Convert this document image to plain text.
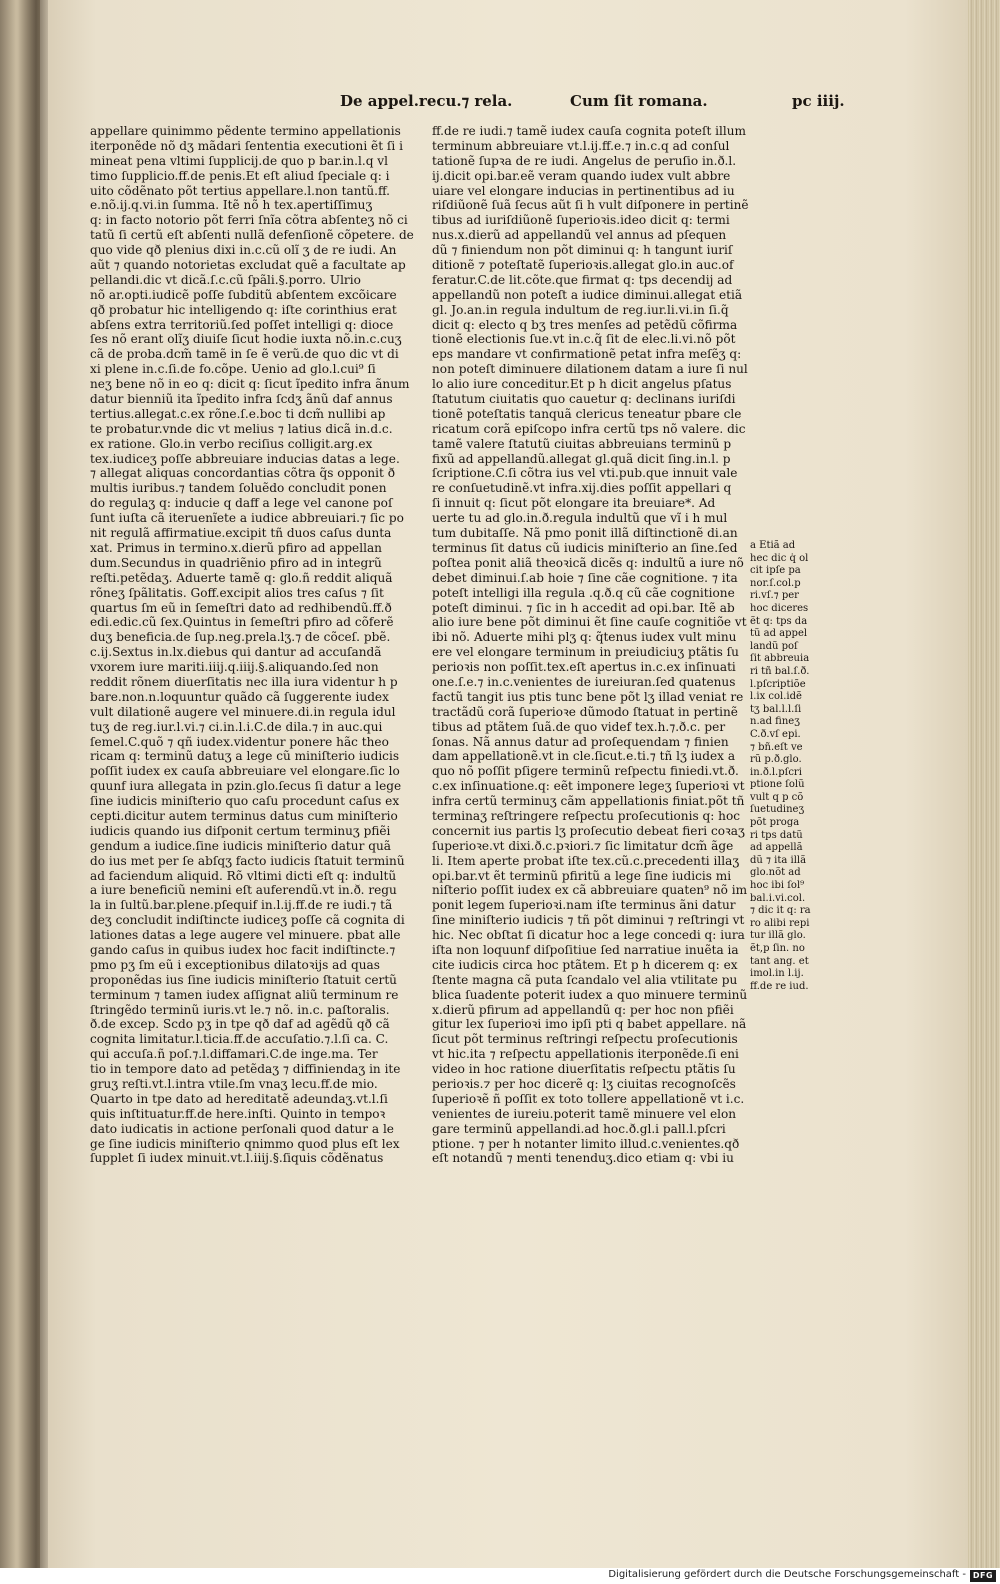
De appel.recu.⁊ rela.	Cum ſit romana.	pc iiij.
appellare quinimmo pẽdente termino appellationis
iterponẽde nõ dʒ mãdari ſententia executioni ẽt ſi i
mineat pena vltimi ſupplicij.de quo p bar.in.l.q vl
timo ſupplicio.ff.de penis.Et eſt aliud ſpeciale q: i
uito cõdẽnato põt tertius appellare.l.non tantũ.ff.
e.nõ.ij.q.vi.in ſumma. Itẽ nõ h tex.apertiſſimuʒ
q: in facto notorio põt ferri ſnĩa cõtra abſenteʒ nõ ci
tatũ ſi certũ eſt abſenti nullã defenſionẽ cõpetere. de
quo vide qð plenius dixi in.c.cũ olĩ ʒ de re iudi. An
aũt ⁊ quando notorietas excludat quẽ a facultate ap
pellandi.dic vt dicã.ſ.c.cũ ſpãli.§.porro. Ulrio
nõ ar.opti.iudicẽ poſſe ſubditũ abſentem excõicare
qð probatur hic intelligendo q: iſte corinthius erat
abſens extra territoriũ.ſed poſſet intelligi q: dioce
ſes nõ erant olĩʒ diuiſe ſicut hodie iuxta nõ.in.c.cuʒ
cã de proba.dcm̃ tamẽ in ſe ẽ verũ.de quo dic vt di
xi plene in.c.ſi.de fo.cõpe. Uenio ad glo.l.cui⁹ ſi
neʒ bene nõ in eo q: dicit q: ſicut ĩpedito infra ãnum
datur bienniũ ita ĩpedito infra ſcdʒ ãnũ daf annus
tertius.allegat.c.ex rõne.ſ.e.boc ti dcm̃ nullibi ap
te probatur.vnde dic vt melius ⁊ latius dicã in.d.c.
ex ratione. Glo.in verbo reciſius colligit.arg.ex
tex.iudiceʒ poſſe abbreuiare inducias datas a lege.
⁊ allegat aliquas concordantias cõtra q̃s opponit ð
multis iuribus.⁊ tandem ſoluẽdo concludit ponen
do regulaʒ q: inducie q daff a lege vel canone poſ
ſunt iuſta cã iteruenĩete a iudice abbreuiari.⁊ ſic po
nit regulã affirmatiue.excipit tñ duos caſus dunta
xat. Primus in termino.x.dierũ pfiro ad appellan
dum.Secundus in quadriẽnio pfiro ad in integrũ
reſti.petẽdaʒ. Aduerte tamẽ q: glo.ñ reddit aliquã
rõneʒ ſpãlitatis. Goff.excipit alios tres caſus ⁊ ſit
quartus ſm eũ in ſemeſtri dato ad redhibendũ.ff.ð
edi.edic.cũ ſex.Quintus in ſemeſtri pfiro ad cõferẽ
duʒ beneficia.de ſup.neg.prela.lʒ.⁊ de cõceſ. pbẽ.
c.ij.Sextus in.lx.diebus qui dantur ad accuſandã
vxorem iure mariti.iiij.q.iiij.§.aliquando.ſed non
reddit rõnem diuerſitatis nec illa iura videntur h p
bare.non.n.loquuntur quãdo cã ſuggerente iudex
vult dilationẽ augere vel minuere.di.in regula idul
tuʒ de reg.iur.l.vi.⁊ ci.in.l.i.C.de dila.⁊ in auc.qui
ſemel.C.quõ ⁊ qñ iudex.videntur ponere hãc theo
ricam q: terminũ datuʒ a lege cũ miniſterio iudicis
poſſit iudex ex cauſa abbreuiare vel elongare.ſic lo
quunf iura allegata in pzin.glo.ſecus ſi datur a lege
ſine iudicis miniſterio quo caſu procedunt caſus ex
cepti.dicitur autem terminus datus cum miniſterio
iudicis quando ius diſponit certum terminuʒ pfiẽi
gendum a iudice.ſine iudicis miniſterio datur quã
do ius met per ſe abſqʒ facto iudicis ſtatuit terminũ
ad faciendum aliquid. Rõ vltimi dicti eſt q: indultũ
a iure beneficiũ nemini eſt auferendũ.vt in.ð. regu
la in ſultũ.bar.plene.pſequif in.l.ij.ff.de re iudi.⁊ tã
deʒ concludit indiſtincte iudiceʒ poſſe cã cognita di
lationes datas a lege augere vel minuere. pbat alle
gando caſus in quibus iudex hoc facit indiſtincte.⁊
pmo pʒ ſm eũ i exceptionibus dilatoꝛijs ad quas
proponẽdas ius ſine iudicis miniſterio ſtatuit certũ
terminum ⁊ tamen iudex aſſignat aliũ terminum re
ſtringẽdo terminũ iuris.vt le.⁊ nõ. in.c. paſtoralis.
ð.de excep. Scdo pʒ in tpe qð daf ad agẽdũ qð cã
cognita limitatur.l.ticia.ff.de accuſatio.⁊.l.ſi ca. C.
qui accuſa.ñ poſ.⁊.l.diffamari.C.de inge.ma. Ter
tio in tempore dato ad petẽdaʒ ⁊ diffiniendaʒ in ite
gruʒ reſti.vt.l.intra vtile.ſm vnaʒ lecu.ff.de mio.
Quarto in tpe dato ad hereditatẽ adeundaʒ.vt.l.ſi
quis inſtituatur.ff.de here.inſti. Quinto in tempoꝛ
dato iudicatis in actione perſonali quod datur a le
ge ſine iudicis miniſterio qnimmo quod plus eſt lex
ſupplet ſi iudex minuit.vt.l.iiij.§.ſiquis cõdẽnatus
ff.de re iudi.⁊ tamẽ iudex cauſa cognita poteſt illum
terminum abbreuiare vt.l.ij.ff.e.⁊ in.c.q ad conſul
tationẽ ſupꝛa de re iudi. Angelus de peruſio in.ð.l.
ij.dicit opi.bar.eẽ veram quando iudex vult abbre
uiare vel elongare inducias in pertinentibus ad iu
riſdiũonẽ ſuã ſecus aũt ſi h vult diſponere in pertinẽ
tibus ad iuriſdiũonẽ ſuperioꝛis.ideo dicit q: termi
nus.x.dierũ ad appellandũ vel annus ad pſequen
dũ ⁊ finiendum non põt diminui q: h tangunt iuriſ
ditionẽ ⁊ poteſtatẽ ſuperioꝛis.allegat glo.in auc.of
feratur.C.de lit.cõte.que firmat q: tps decendij ad
appellandũ non poteſt a iudice diminui.allegat etiã
gl. Jo.an.in regula indultum de reg.iur.li.vi.in ſi.q̃
dicit q: electo q bʒ tres menſes ad petẽdũ cõfirma
tionẽ electionis ſue.vt in.c.q̃ ſit de elec.li.vi.nõ põt
eps mandare vt confirmationẽ petat infra meſẽʒ q:
non poteſt diminuere dilationem datam a iure ſi nul
lo alio iure conceditur.Et p h dicit angelus pſatus
ſtatutum ciuitatis quo cauetur q: declinans iuriſdi
tionẽ poteſtatis tanquã clericus teneatur pbare cle
ricatum corã epiſcopo infra certũ tps nõ valere. dic
tamẽ valere ſtatutũ ciuitas abbreuians terminũ p
fixũ ad appellandũ.allegat gl.quã dicit ſing.in.l. p
ſcriptione.C.ſi cõtra ius vel vti.pub.que innuit vale
re conſuetudinẽ.vt infra.xij.dies poſſit appellari q
ſi innuit q: ſicut põt elongare ita breuiare*. Ad
uerte tu ad glo.in.ð.regula indultũ que vĩ i h mul
tum dubitaſſe. Nã pmo ponit illã diſtinctionẽ di.an
terminus ſit datus cũ iudicis miniſterio an ſine.ſed
poſtea ponit aliã theoꝛicã dicẽs q: indultũ a iure nõ
debet diminui.ſ.ab hoie ⁊ ſine cãe cognitione. ⁊ ita
poteſt intelligi illa regula .q.ð.q cũ cãe cognitione
poteſt diminui. ⁊ ſic in h accedit ad opi.bar. Itẽ ab
alio iure bene põt diminui ẽt ſine cauſe cognitiõe vt
ibi nõ. Aduerte mihi plʒ q: q̃tenus iudex vult minu
ere vel elongare terminum in preiudiciuʒ ptãtis ſu
perioꝛis non poſſit.tex.eſt apertus in.c.ex inſinuati
one.ſ.e.⁊ in.c.venientes de iureiuran.ſed quatenus
factũ tangit ius ptis tunc bene põt lʒ illad veniat re
tractãdũ corã ſuperioꝛe dũmodo ſtatuat in pertinẽ
tibus ad ptãtem ſuã.de quo videf tex.h.⁊.ð.c. per
ſonas. Nã annus datur ad proſequendam ⁊ finien
dam appellationẽ.vt in cle.ſicut.e.ti.⁊ tñ lʒ iudex a
quo nõ poſſit pſigere terminũ reſpectu finiedi.vt.ð.
c.ex inſinuatione.q: eẽt imponere legeʒ ſuperioꝛi vt
infra certũ terminuʒ cãm appellationis finiat.põt tñ
terminaʒ reſtringere reſpectu proſecutionis q: hoc
concernit ius partis lʒ proſecutio debeat fieri coꝛaʒ
ſuperioꝛe.vt dixi.ð.c.pꝛiori.⁊ ſic limitatur dcm̃ ãge
li. Item aperte probat iſte tex.cũ.c.precedenti illaʒ
opi.bar.vt ẽt terminũ pfiritũ a lege ſine iudicis mi
niſterio poſſit iudex ex cã abbreuiare quaten⁹ nõ im
ponit legem ſuperioꝛi.nam iſte terminus ãni datur
ſine miniſterio iudicis ⁊ tñ põt diminui ⁊ reſtringi vt
hic. Nec obſtat ſi dicatur hoc a lege concedi q: iura
iſta non loquunf diſpoſitiue ſed narratiue inuẽta ia
cite iudicis circa hoc ptãtem. Et p h dicerem q: ex
ſtente magna cã puta ſcandalo vel alia vtilitate pu
blica ſuadente poterit iudex a quo minuere terminũ
x.dierũ pfirum ad appellandũ q: per hoc non pfiẽi
gitur lex ſuperioꝛi imo ipſi pti q babet appellare. nã
ſicut põt terminus reſtringi reſpectu proſecutionis
vt hic.ita ⁊ reſpectu appellationis iterponẽde.ſi eni
video in hoc ratione diuerſitatis reſpectu ptãtis ſu
perioꝛis.⁊ per hoc dicerẽ q: lʒ ciuitas recognoſcẽs
ſuperioꝛẽ ñ poſſit ex toto tollere appellationẽ vt i.c.
venientes de iureiu.poterit tamẽ minuere vel elon
gare terminũ appellandi.ad hoc.ð.gl.i pall.l.pſcri
ptione. ⁊ per h notanter limito illud.c.venientes.qð
eſt notandũ ⁊ menti tenenduʒ.dico etiam q: vbi iu
a Etiã ad
hec di̇c q̇ ol
cit ipſe pa
nor.ſ.col.p
ri.vſ.⁊ per
hoc diceres
ẽt q: tps da
tũ ad appel
landũ poſ
ſit abbreuia
ri tñ bal.ſ.ð.
l.pſcriptiõe
l.ix col.idẽ
tʒ bal.l.l.ſi
n.ad fineʒ
C.ð.vſ epi.
⁊ bñ.eſt ve
rũ p.ð.glo.
in.ð.l.pſcri
ptione ſolũ
vult q p cõ
ſuetudineʒ
põt proga
ri tps datũ
ad appellã
dũ ⁊ ita illã
glo.nõt ad
hoc ibi ſol⁹
bal.i.vi.col.
⁊ di̇c it q: ra
ro alibi repi
tur illã glo.
ẽt,p ſin. no
tant ang. et
imol.in l.ij.
ff.de re iud.
Digitalisierung gefördert durch die Deutsche Forschungsgemeinschaft - DFG
